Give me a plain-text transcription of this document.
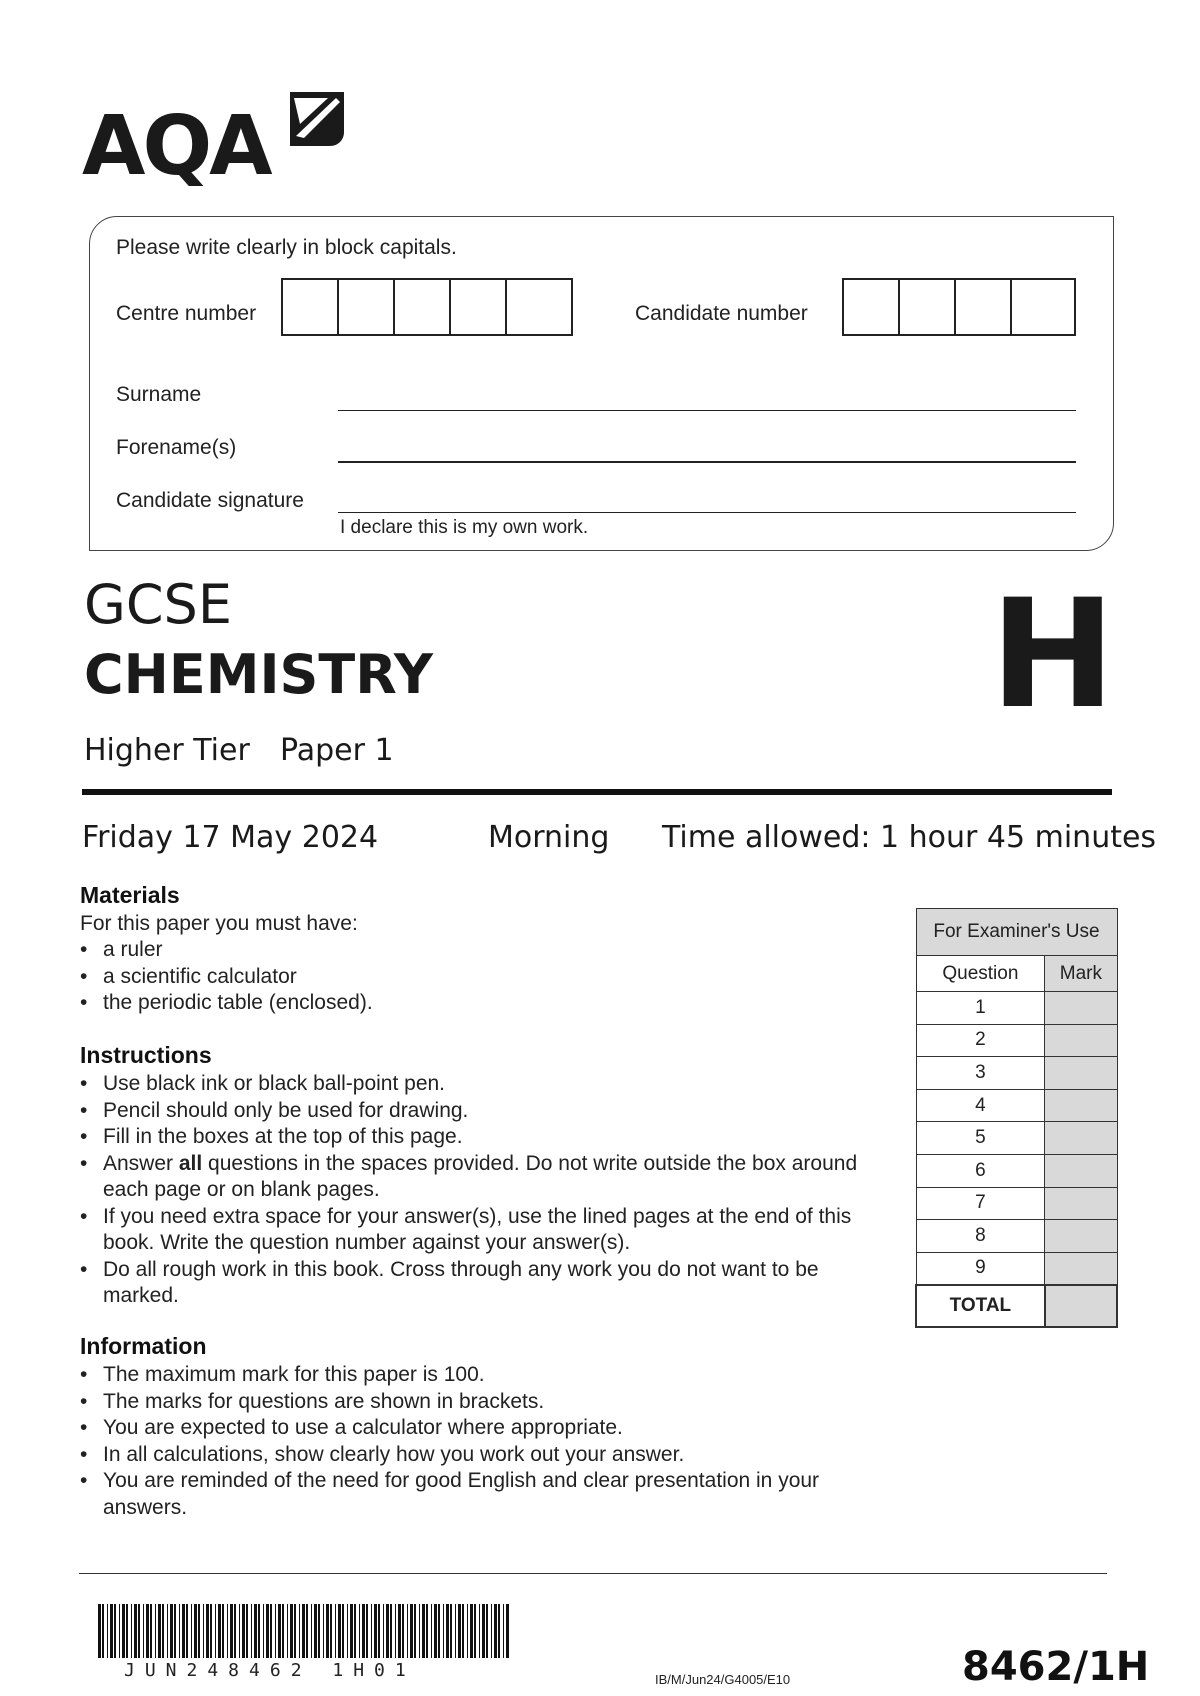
AQA
Please write clearly in block capitals.
Centre number	Candidate number
Surname
Forename(s)
Candidate signature
I declare this is my own work.
GCSE
CHEMISTRY	H
Higher Tier Paper 1
Friday 17 May 2024	Morning Time allowed: 1 hour 45 minutes
Materials

For this paper you must have:

• a ruler
• a scientific calculator
• the periodic table (enclosed).
Instructions
• Use black ink or black ball-point pen.
• Pencil should only be used for drawing.
• Fill in the boxes at the top of this page.
• Answer all questions in the spaces provided. Do not write outside the box around each page or on blank pages.
• If you need extra space for your answer(s), use the lined pages at the end of this book. Write the question number against your answer(s).
• Do all rough work in this book. Cross through any work you do not want to be marked.
Information
• The maximum mark for this paper is 100.
• The marks for questions are shown in brackets.
• You are expected to use a calculator where appropriate.
• In all calculations, show clearly how you work out your answer.
• You are reminded of the need for good English and clear presentation in your answers.
For Examiner's Use	
Question	Mark
1	
2	
3	
4	
5	
6	
7	
8	
9	
TOTAL	
JUN248462 1H01	IB/M/Jun24/G4005/E10	8462/1H
